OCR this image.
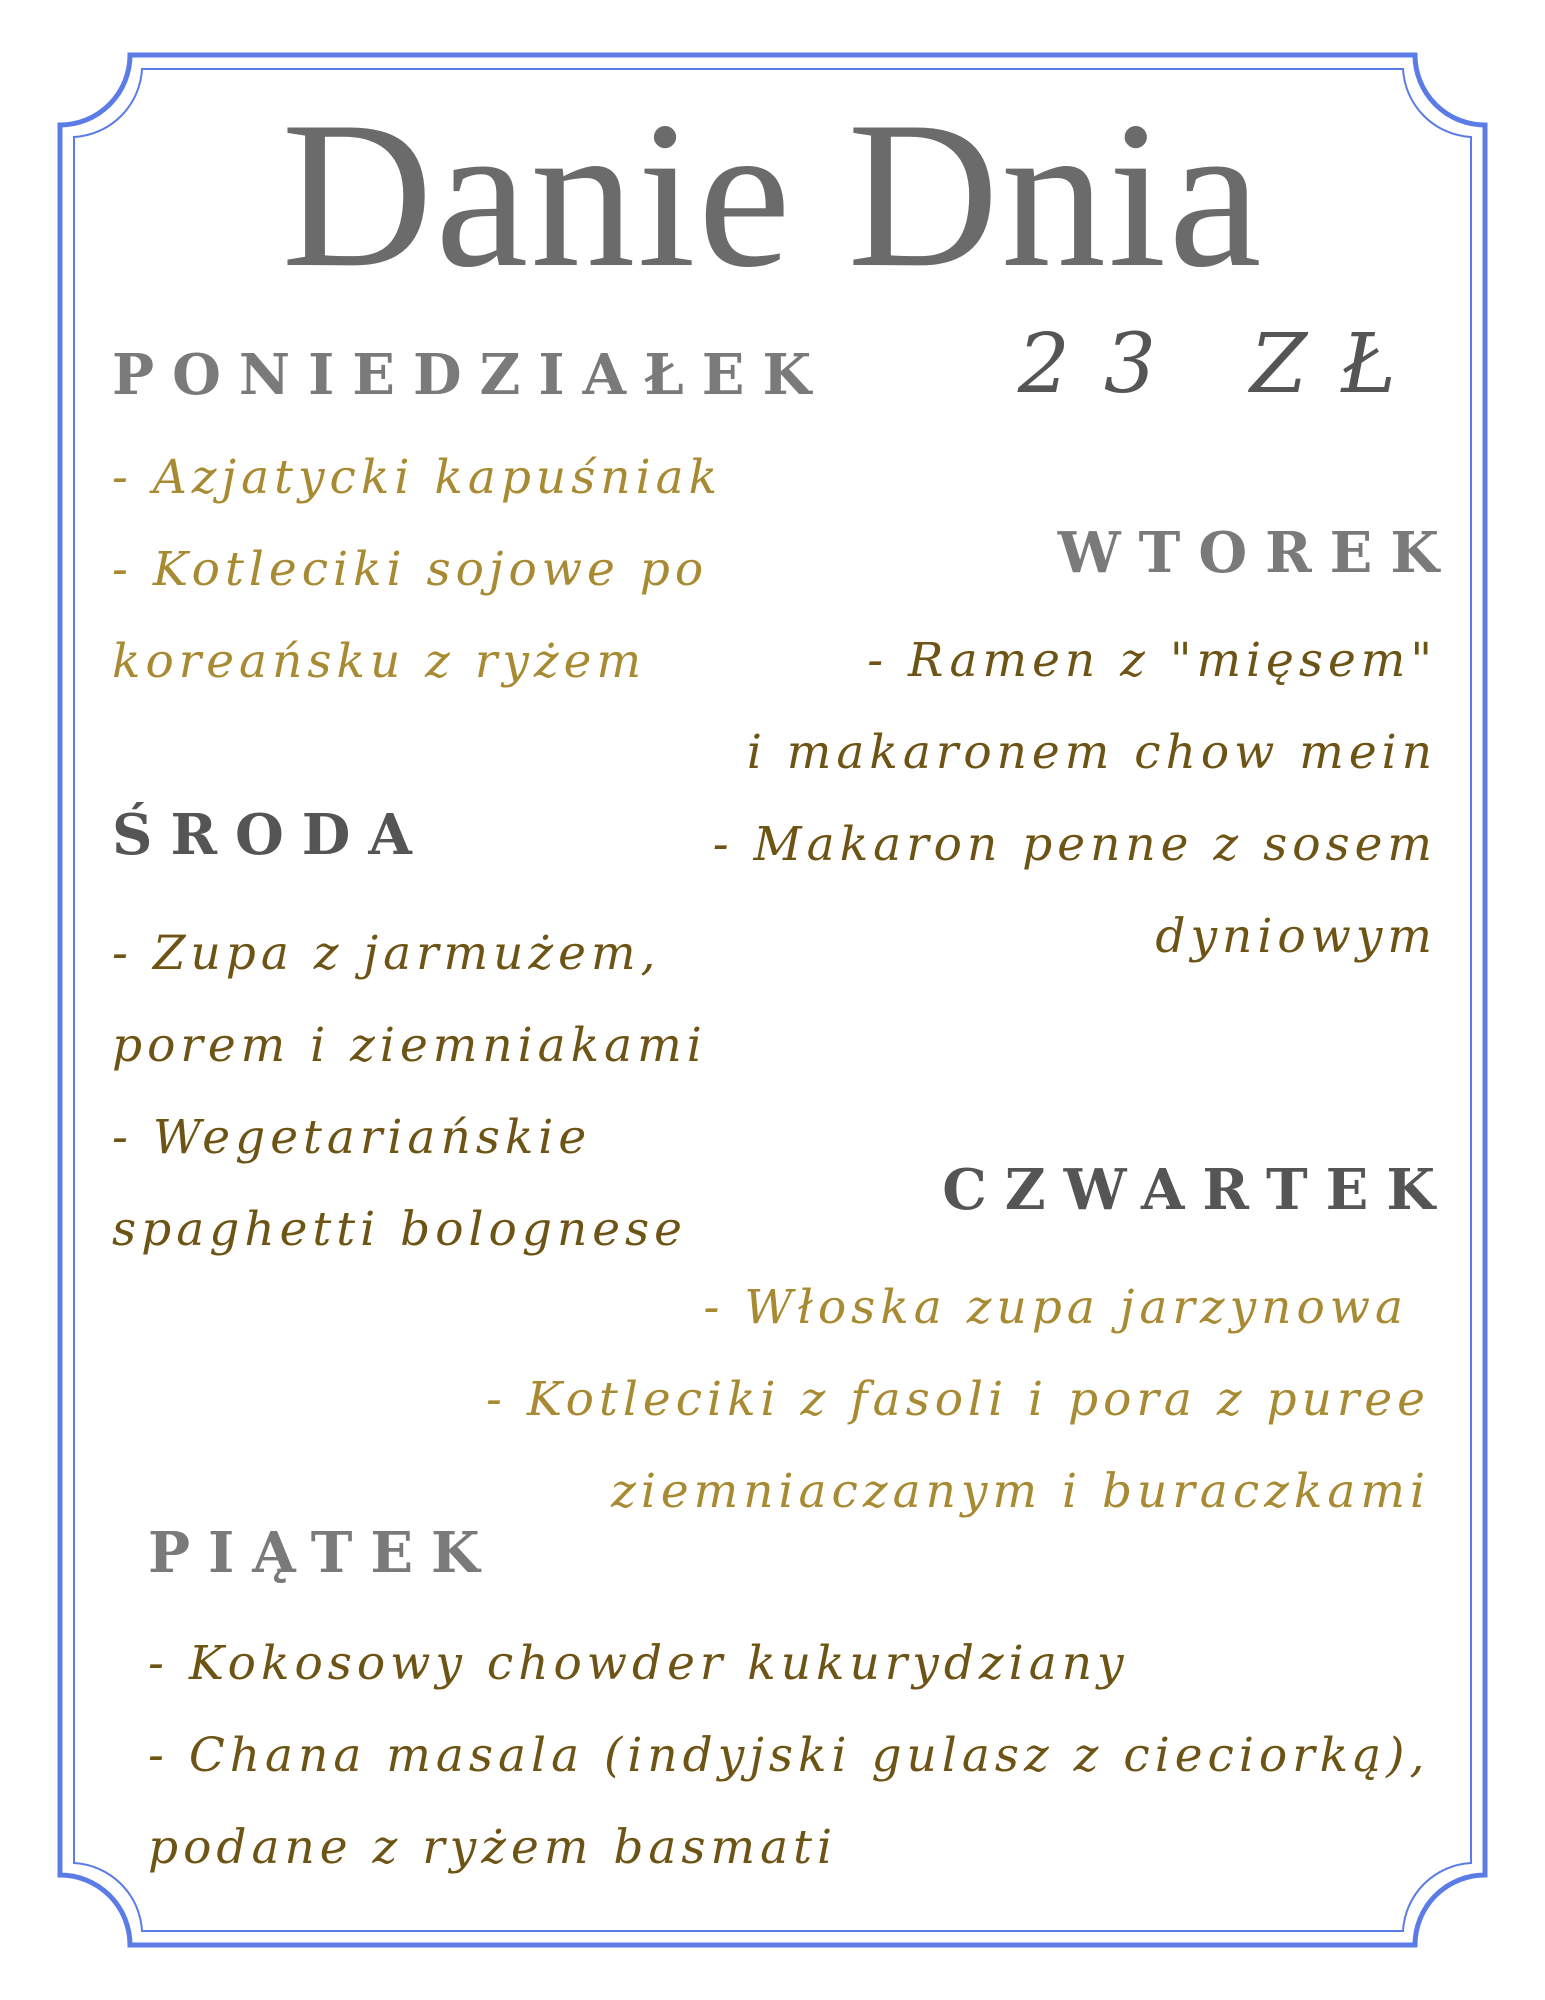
Danie Dnia
23 ZŁ
PONIEDZIAŁEK
- Azjatycki kapuśniak
- Kotleciki sojowe po
koreańsku z ryżem
WTOREK
- Ramen z "mięsem"
i makaronem chow mein
- Makaron penne z sosem
dyniowym
ŚRODA
- Zupa z jarmużem,
porem i ziemniakami
- Wegetariańskie
spaghetti bolognese
CZWARTEK
- Włoska zupa jarzynowa
- Kotleciki z fasoli i pora z puree
ziemniaczanym i buraczkami
PIĄTEK
- Kokosowy chowder kukurydziany
- Chana masala (indyjski gulasz z cieciorką),
podane z ryżem basmati
